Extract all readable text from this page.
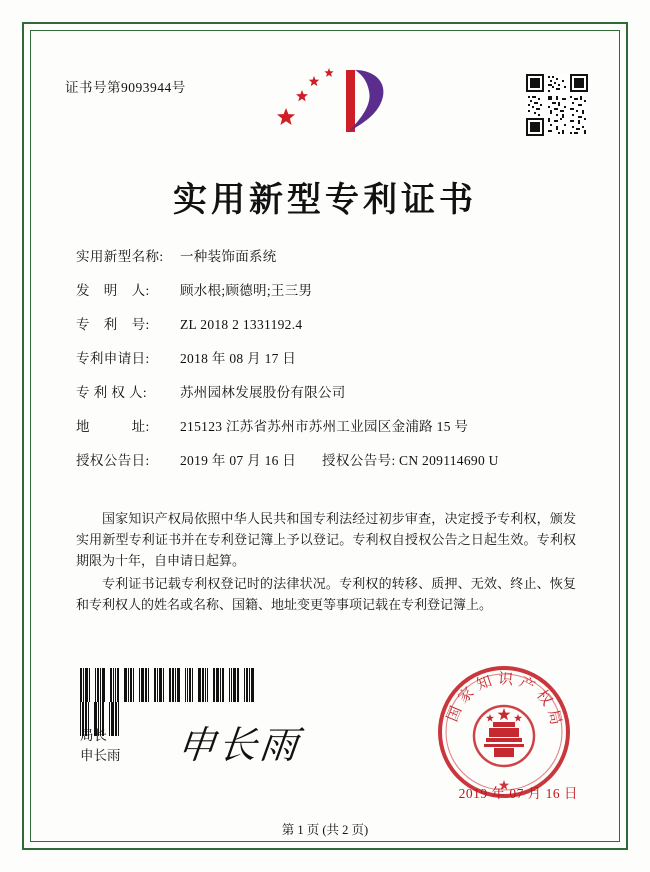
证书号第9093944号
实用新型专利证书
实用新型名称: 一种装饰面系统
发　明　人: 顾水根;顾德明;王三男
专　利　号: ZL 2018 2 1331192.4
专利申请日: 2018 年 08 月 17 日
专 利 权 人: 苏州园林发展股份有限公司
地　　　址: 215123 江苏省苏州市苏州工业园区金浦路 15 号
授权公告日: 2019 年 07 月 16 日 授权公告号: CN 209114690 U

国家知识产权局依照中华人民共和国专利法经过初步审查，决定授予专利权，颁发实用新型专利证书并在专利登记簿上予以登记。专利权自授权公告之日起生效。专利权期限为十年，自申请日起算。

专利证书记载专利权登记时的法律状况。专利权的转移、质押、无效、终止、恢复和专利权人的姓名或名称、国籍、地址变更等事项记载在专利登记簿上。

局长
申长雨 申长雨
国家知识产权局
2019 年 07 月 16 日
第 1 页 (共 2 页)
